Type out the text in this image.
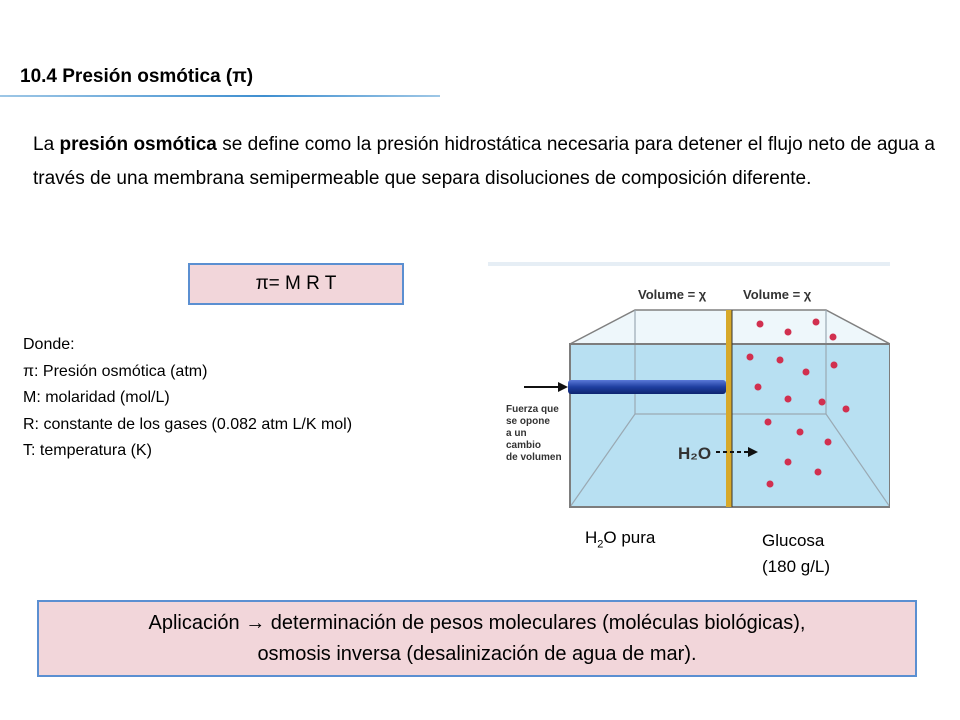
10.4 Presión osmótica (π)
La presión osmótica se define como la presión hidrostática necesaria para detener el flujo neto de agua a través de una membrana semipermeable que separa disoluciones de composición diferente.
π= M R T
Donde:
π: Presión osmótica (atm)
M: molaridad (mol/L)
R: constante de los gases (0.082 atm L/K mol)
T: temperatura (K)	H₂O
Volume = χ	Volume = χ
Fuerza que se opone a un cambio de volumen
$H_2O$ pura	Glucosa
(180 g/L)
Aplicación → determinación de pesos moleculares (moléculas biológicas),
osmosis inversa (desalinización de agua de mar).
